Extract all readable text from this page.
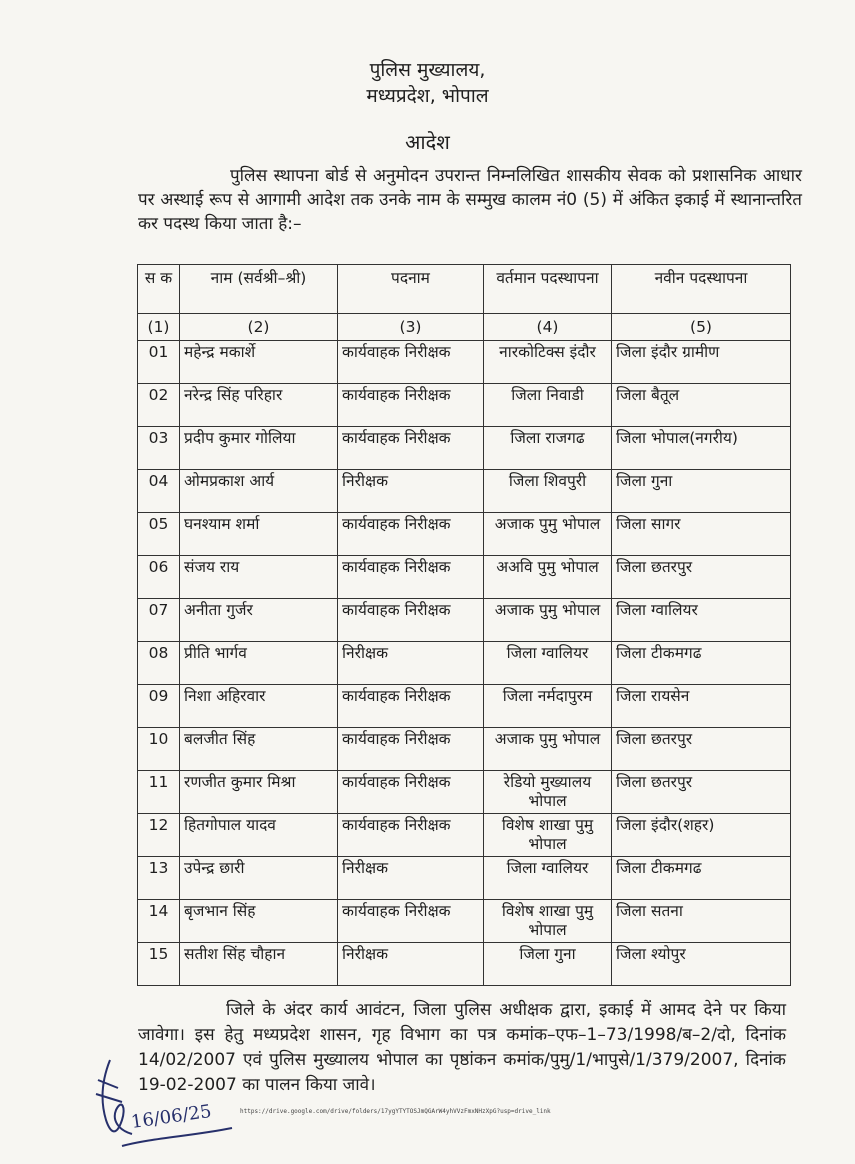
पुलिस मुख्यालय,
मध्यप्रदेश, भोपाल
आदेश
पुलिस स्थापना बोर्ड से अनुमोदन उपरान्त निम्नलिखित शासकीय सेवक को प्रशासनिक आधार पर अस्थाई रूप से आगामी आदेश तक उनके नाम के सम्मुख कालम नं0 (5) में अंकित इकाई में स्थानान्तरित कर पदस्थ किया जाता है:–
स क	नाम (सर्वश्री–श्री)	पदनाम	वर्तमान पदस्थापना	नवीन पदस्थापना
(1)	(2)	(3)	(4)	(5)
01	महेन्द्र मकार्शे	कार्यवाहक निरीक्षक	नारकोटिक्स इंदौर	जिला इंदौर ग्रामीण
02	नरेन्द्र सिंह परिहार	कार्यवाहक निरीक्षक	जिला निवाडी	जिला बैतूल
03	प्रदीप कुमार गोलिया	कार्यवाहक निरीक्षक	जिला राजगढ	जिला भोपाल(नगरीय)
04	ओमप्रकाश आर्य	निरीक्षक	जिला शिवपुरी	जिला गुना
05	घनश्याम शर्मा	कार्यवाहक निरीक्षक	अजाक पुमु भोपाल	जिला सागर
06	संजय राय	कार्यवाहक निरीक्षक	अअवि पुमु भोपाल	जिला छतरपुर
07	अनीता गुर्जर	कार्यवाहक निरीक्षक	अजाक पुमु भोपाल	जिला ग्वालियर
08	प्रीति भार्गव	निरीक्षक	जिला ग्वालियर	जिला टीकमगढ
09	निशा अहिरवार	कार्यवाहक निरीक्षक	जिला नर्मदापुरम	जिला रायसेन
10	बलजीत सिंह	कार्यवाहक निरीक्षक	अजाक पुमु भोपाल	जिला छतरपुर
11	रणजीत कुमार मिश्रा	कार्यवाहक निरीक्षक	रेडियो मुख्यालय भोपाल	जिला छतरपुर
12	हितगोपाल यादव	कार्यवाहक निरीक्षक	विशेष शाखा पुमु भोपाल	जिला इंदौर(शहर)
13	उपेन्द्र छारी	निरीक्षक	जिला ग्वालियर	जिला टीकमगढ
14	बृजभान सिंह	कार्यवाहक निरीक्षक	विशेष शाखा पुमु भोपाल	जिला सतना
15	सतीश सिंह चौहान	निरीक्षक	जिला गुना	जिला श्योपुर
जिले के अंदर कार्य आवंटन, जिला पुलिस अधीक्षक द्वारा, इकाई में आमद देने पर किया जावेगा। इस हेतु मध्यप्रदेश शासन, गृह विभाग का पत्र कमांक–एफ–1–73/1998/ब–2/दो, दिनांक 14/02/2007 एवं पुलिस मुख्यालय भोपाल का पृष्ठांकन कमांक/पुमु/1/भापुसे/1/379/2007, दिनांक 19-02-2007 का पालन किया जावे।
16/06/25	https://drive.google.com/drive/folders/17ygYTYTOSJmQGArW4yhVVzFmxNHzXpG?usp=drive_link
